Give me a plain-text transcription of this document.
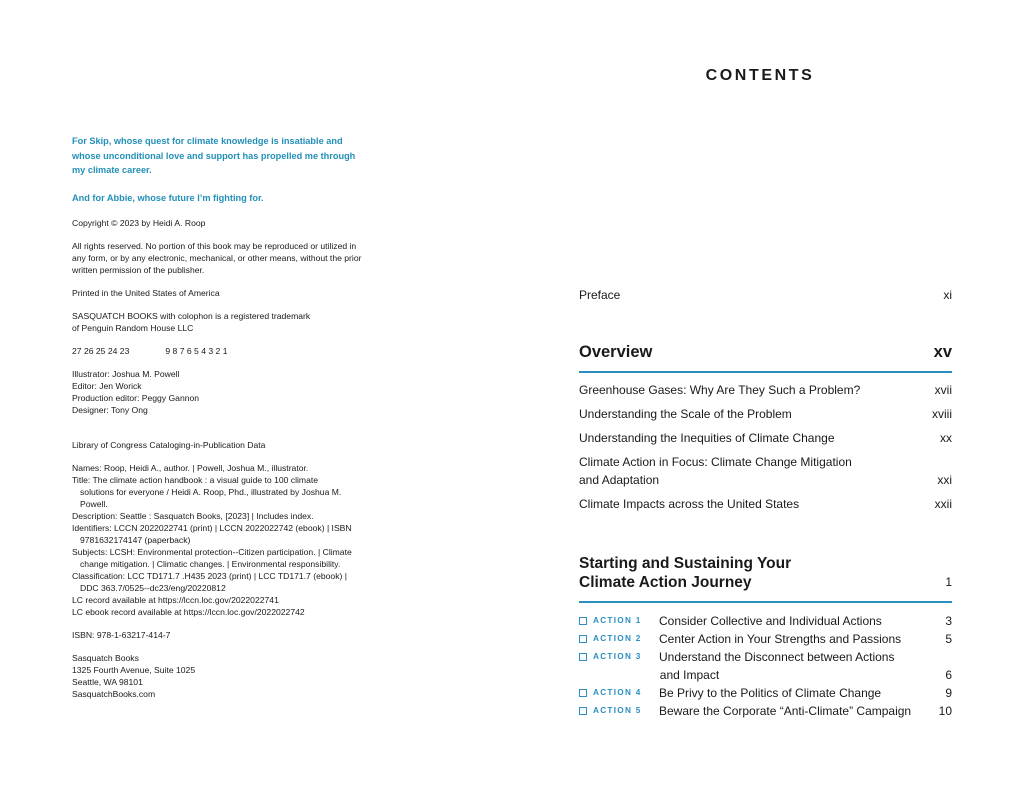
For Skip, whose quest for climate knowledge is insatiable and
whose unconditional love and support has propelled me through
my climate career.
And for Abbie, whose future I’m fighting for.
Copyright © 2023 by Heidi A. Roop
All rights reserved. No portion of this book may be reproduced or utilized in
any form, or by any electronic, mechanical, or other means, without the prior
written permission of the publisher.
Printed in the United States of America
SASQUATCH BOOKS with colophon is a registered trademark
of Penguin Random House LLC
27 26 25 24 23	9 8 7 6 5 4 3 2 1
Illustrator: Joshua M. Powell
Editor: Jen Worick
Production editor: Peggy Gannon
Designer: Tony Ong
Library of Congress Cataloging-in-Publication Data
Names: Roop, Heidi A., author. | Powell, Joshua M., illustrator.
Title: The climate action handbook : a visual guide to 100 climate
solutions for everyone / Heidi A. Roop, Phd., illustrated by Joshua M.
Powell.
Description: Seattle : Sasquatch Books, [2023] | Includes index.
Identifiers: LCCN 2022022741 (print) | LCCN 2022022742 (ebook) | ISBN
9781632174147 (paperback)
Subjects: LCSH: Environmental protection--Citizen participation. | Climate
change mitigation. | Climatic changes. | Environmental responsibility.
Classification: LCC TD171.7 .H435 2023 (print) | LCC TD171.7 (ebook) |
DDC 363.7/0525--dc23/eng/20220812
LC record available at https://lccn.loc.gov/2022022741
LC ebook record available at https://lccn.loc.gov/2022022742
ISBN: 978-1-63217-414-7
Sasquatch Books
1325 Fourth Avenue, Suite 1025
Seattle, WA 98101
SasquatchBooks.com
CONTENTS
Preface	xi
Overview	xv
Greenhouse Gases: Why Are They Such a Problem?	xvii
Understanding the Scale of the Problem	xviii
Understanding the Inequities of Climate Change	xx
Climate Action in Focus: Climate Change Mitigation
and Adaptation	xxi
Climate Impacts across the United States	xxii
Starting and Sustaining Your
Climate Action Journey	1
ACTION 1	Consider Collective and Individual Actions	3
ACTION 2	Center Action in Your Strengths and Passions	5
ACTION 3	Understand the Disconnect between Actions
and Impact	6
ACTION 4	Be Privy to the Politics of Climate Change	9
ACTION 5	Beware the Corporate “Anti-Climate” Campaign	10
